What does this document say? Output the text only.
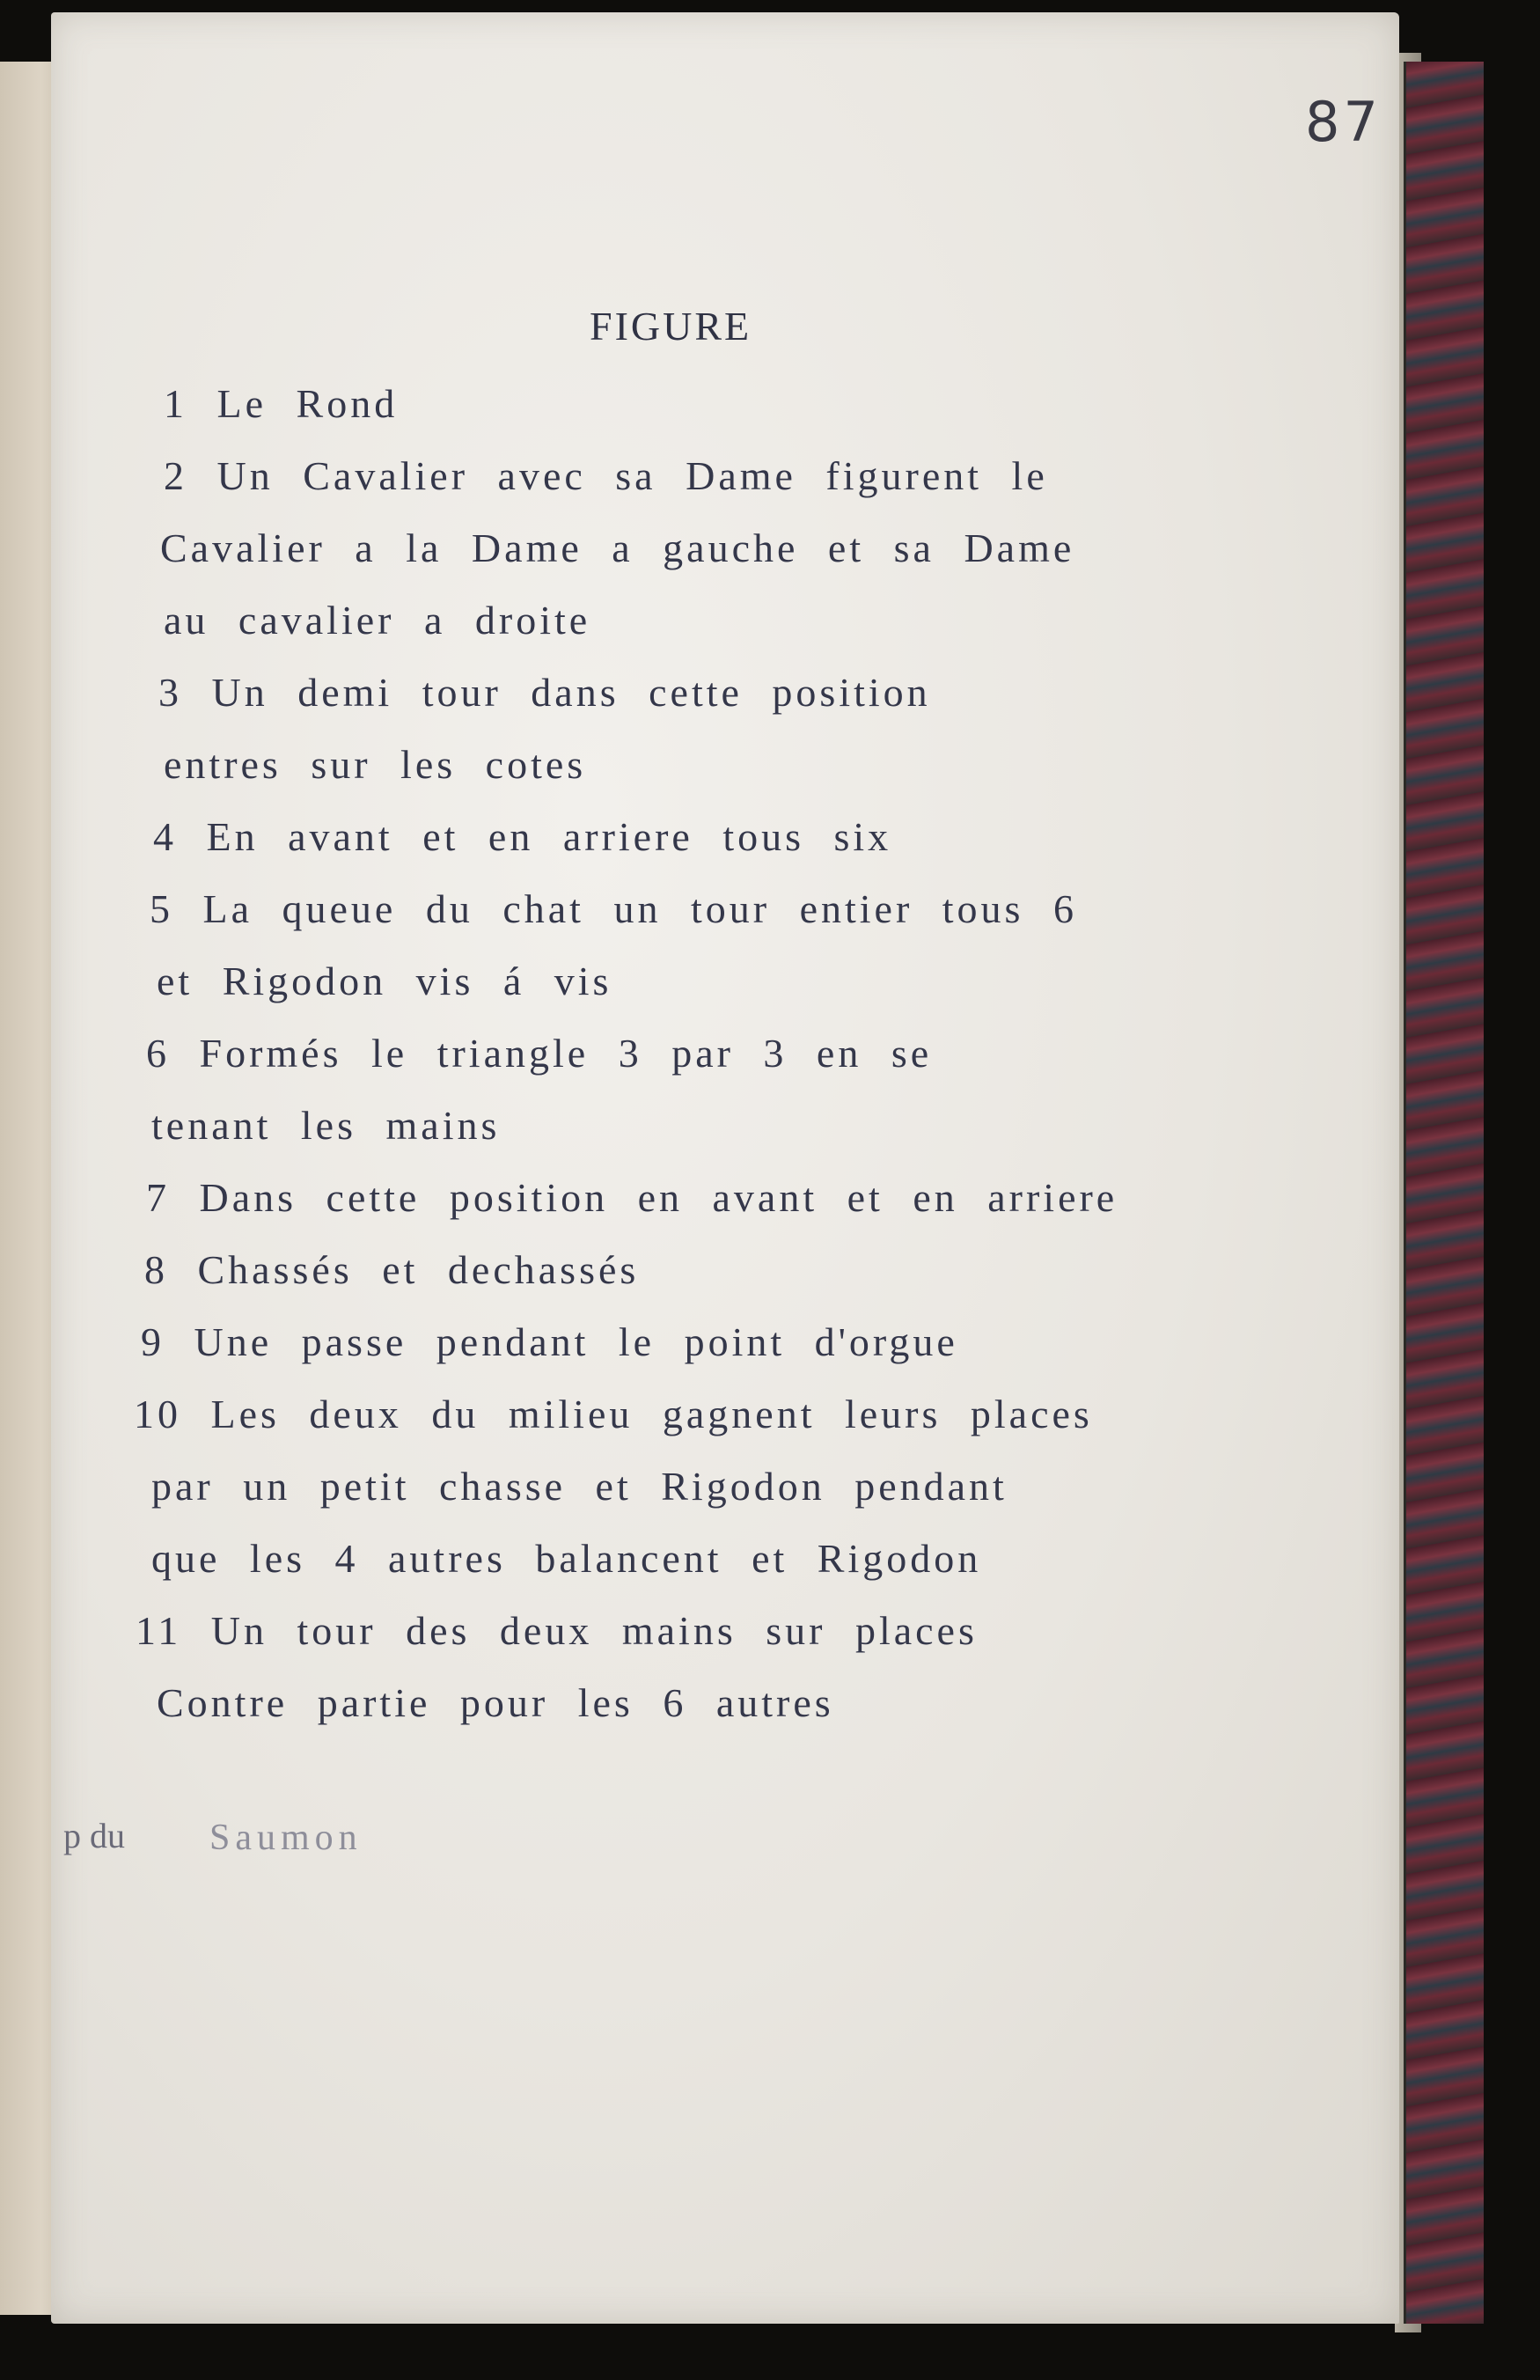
87
FIGURE
1 Le Rond
2 Un Cavalier avec sa Dame figurent le
Cavalier a la Dame a gauche et sa Dame
au cavalier a droite
3 Un demi tour dans cette position
entres sur les cotes
4 En avant et en arriere tous six
5 La queue du chat un tour entier tous 6
et Rigodon vis á vis
6 Formés le triangle 3 par 3 en se
tenant les mains
7 Dans cette position en avant et en arriere
8 Chassés et dechassés
9 Une passe pendant le point d'orgue
10 Les deux du milieu gagnent leurs places
par un petit chasse et Rigodon pendant
que les 4 autres balancent et Rigodon
11 Un tour des deux mains sur places
Contre partie pour les 6 autres
p du Saumon
